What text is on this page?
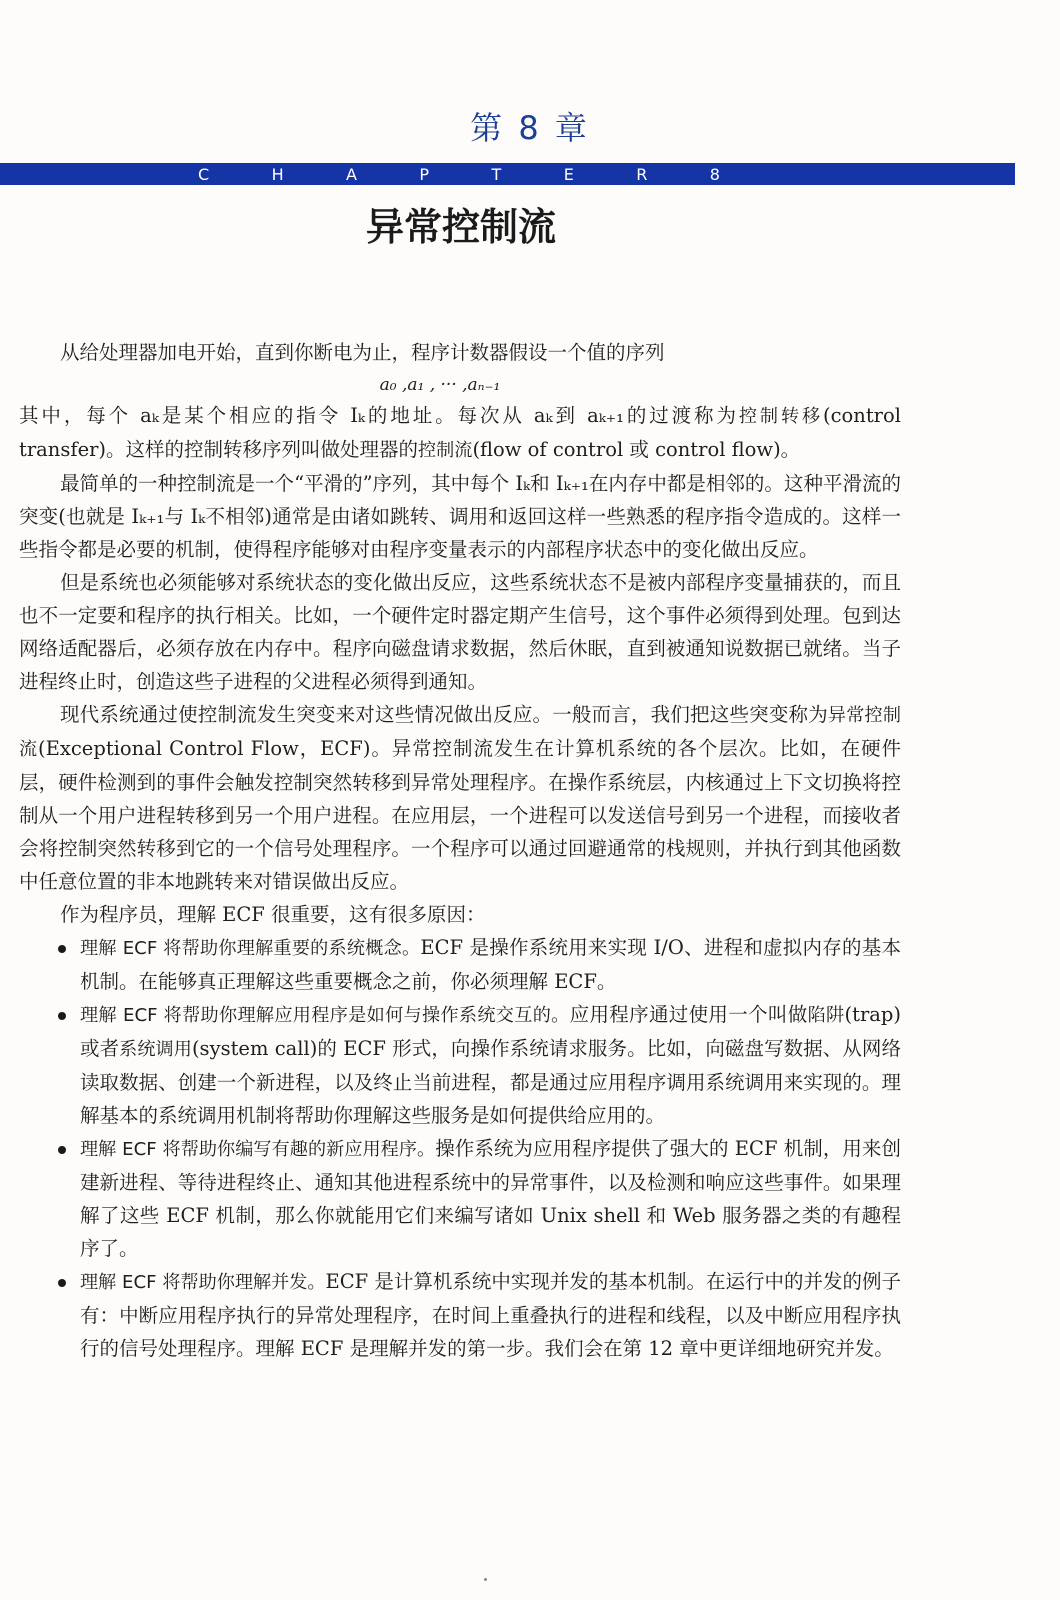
第 8 章
C	H	A	P	T	E	R	8
异常控制流

从给处理器加电开始，直到你断电为止，程序计数器假设一个值的序列

a₀ ,a₁ , ··· ,aₙ₋₁

其中，每个 aₖ是某个相应的指令 Iₖ的地址。每次从 aₖ到 aₖ₊₁的过渡称为控制转移(control transfer)。这样的控制转移序列叫做处理器的控制流(flow of control 或 control flow)。

最简单的一种控制流是一个“平滑的”序列，其中每个 Iₖ和 Iₖ₊₁在内存中都是相邻的。这种平滑流的突变(也就是 Iₖ₊₁与 Iₖ不相邻)通常是由诸如跳转、调用和返回这样一些熟悉的程序指令造成的。这样一些指令都是必要的机制，使得程序能够对由程序变量表示的内部程序状态中的变化做出反应。

但是系统也必须能够对系统状态的变化做出反应，这些系统状态不是被内部程序变量捕获的，而且也不一定要和程序的执行相关。比如，一个硬件定时器定期产生信号，这个事件必须得到处理。包到达网络适配器后，必须存放在内存中。程序向磁盘请求数据，然后休眠，直到被通知说数据已就绪。当子进程终止时，创造这些子进程的父进程必须得到通知。

现代系统通过使控制流发生突变来对这些情况做出反应。一般而言，我们把这些突变称为异常控制流(Exceptional Control Flow，ECF)。异常控制流发生在计算机系统的各个层次。比如，在硬件层，硬件检测到的事件会触发控制突然转移到异常处理程序。在操作系统层，内核通过上下文切换将控制从一个用户进程转移到另一个用户进程。在应用层，一个进程可以发送信号到另一个进程，而接收者会将控制突然转移到它的一个信号处理程序。一个程序可以通过回避通常的栈规则，并执行到其他函数中任意位置的非本地跳转来对错误做出反应。

作为程序员，理解 ECF 很重要，这有很多原因：

理解 ECF 将帮助你理解重要的系统概念。ECF 是操作系统用来实现 I/O、进程和虚拟内存的基本机制。在能够真正理解这些重要概念之前，你必须理解 ECF。
理解 ECF 将帮助你理解应用程序是如何与操作系统交互的。应用程序通过使用一个叫做陷阱(trap)或者系统调用(system call)的 ECF 形式，向操作系统请求服务。比如，向磁盘写数据、从网络读取数据、创建一个新进程，以及终止当前进程，都是通过应用程序调用系统调用来实现的。理解基本的系统调用机制将帮助你理解这些服务是如何提供给应用的。
理解 ECF 将帮助你编写有趣的新应用程序。操作系统为应用程序提供了强大的 ECF 机制，用来创建新进程、等待进程终止、通知其他进程系统中的异常事件，以及检测和响应这些事件。如果理解了这些 ECF 机制，那么你就能用它们来编写诸如 Unix shell 和 Web 服务器之类的有趣程序了。
理解 ECF 将帮助你理解并发。ECF 是计算机系统中实现并发的基本机制。在运行中的并发的例子有：中断应用程序执行的异常处理程序，在时间上重叠执行的进程和线程，以及中断应用程序执行的信号处理程序。理解 ECF 是理解并发的第一步。我们会在第 12 章中更详细地研究并发。
